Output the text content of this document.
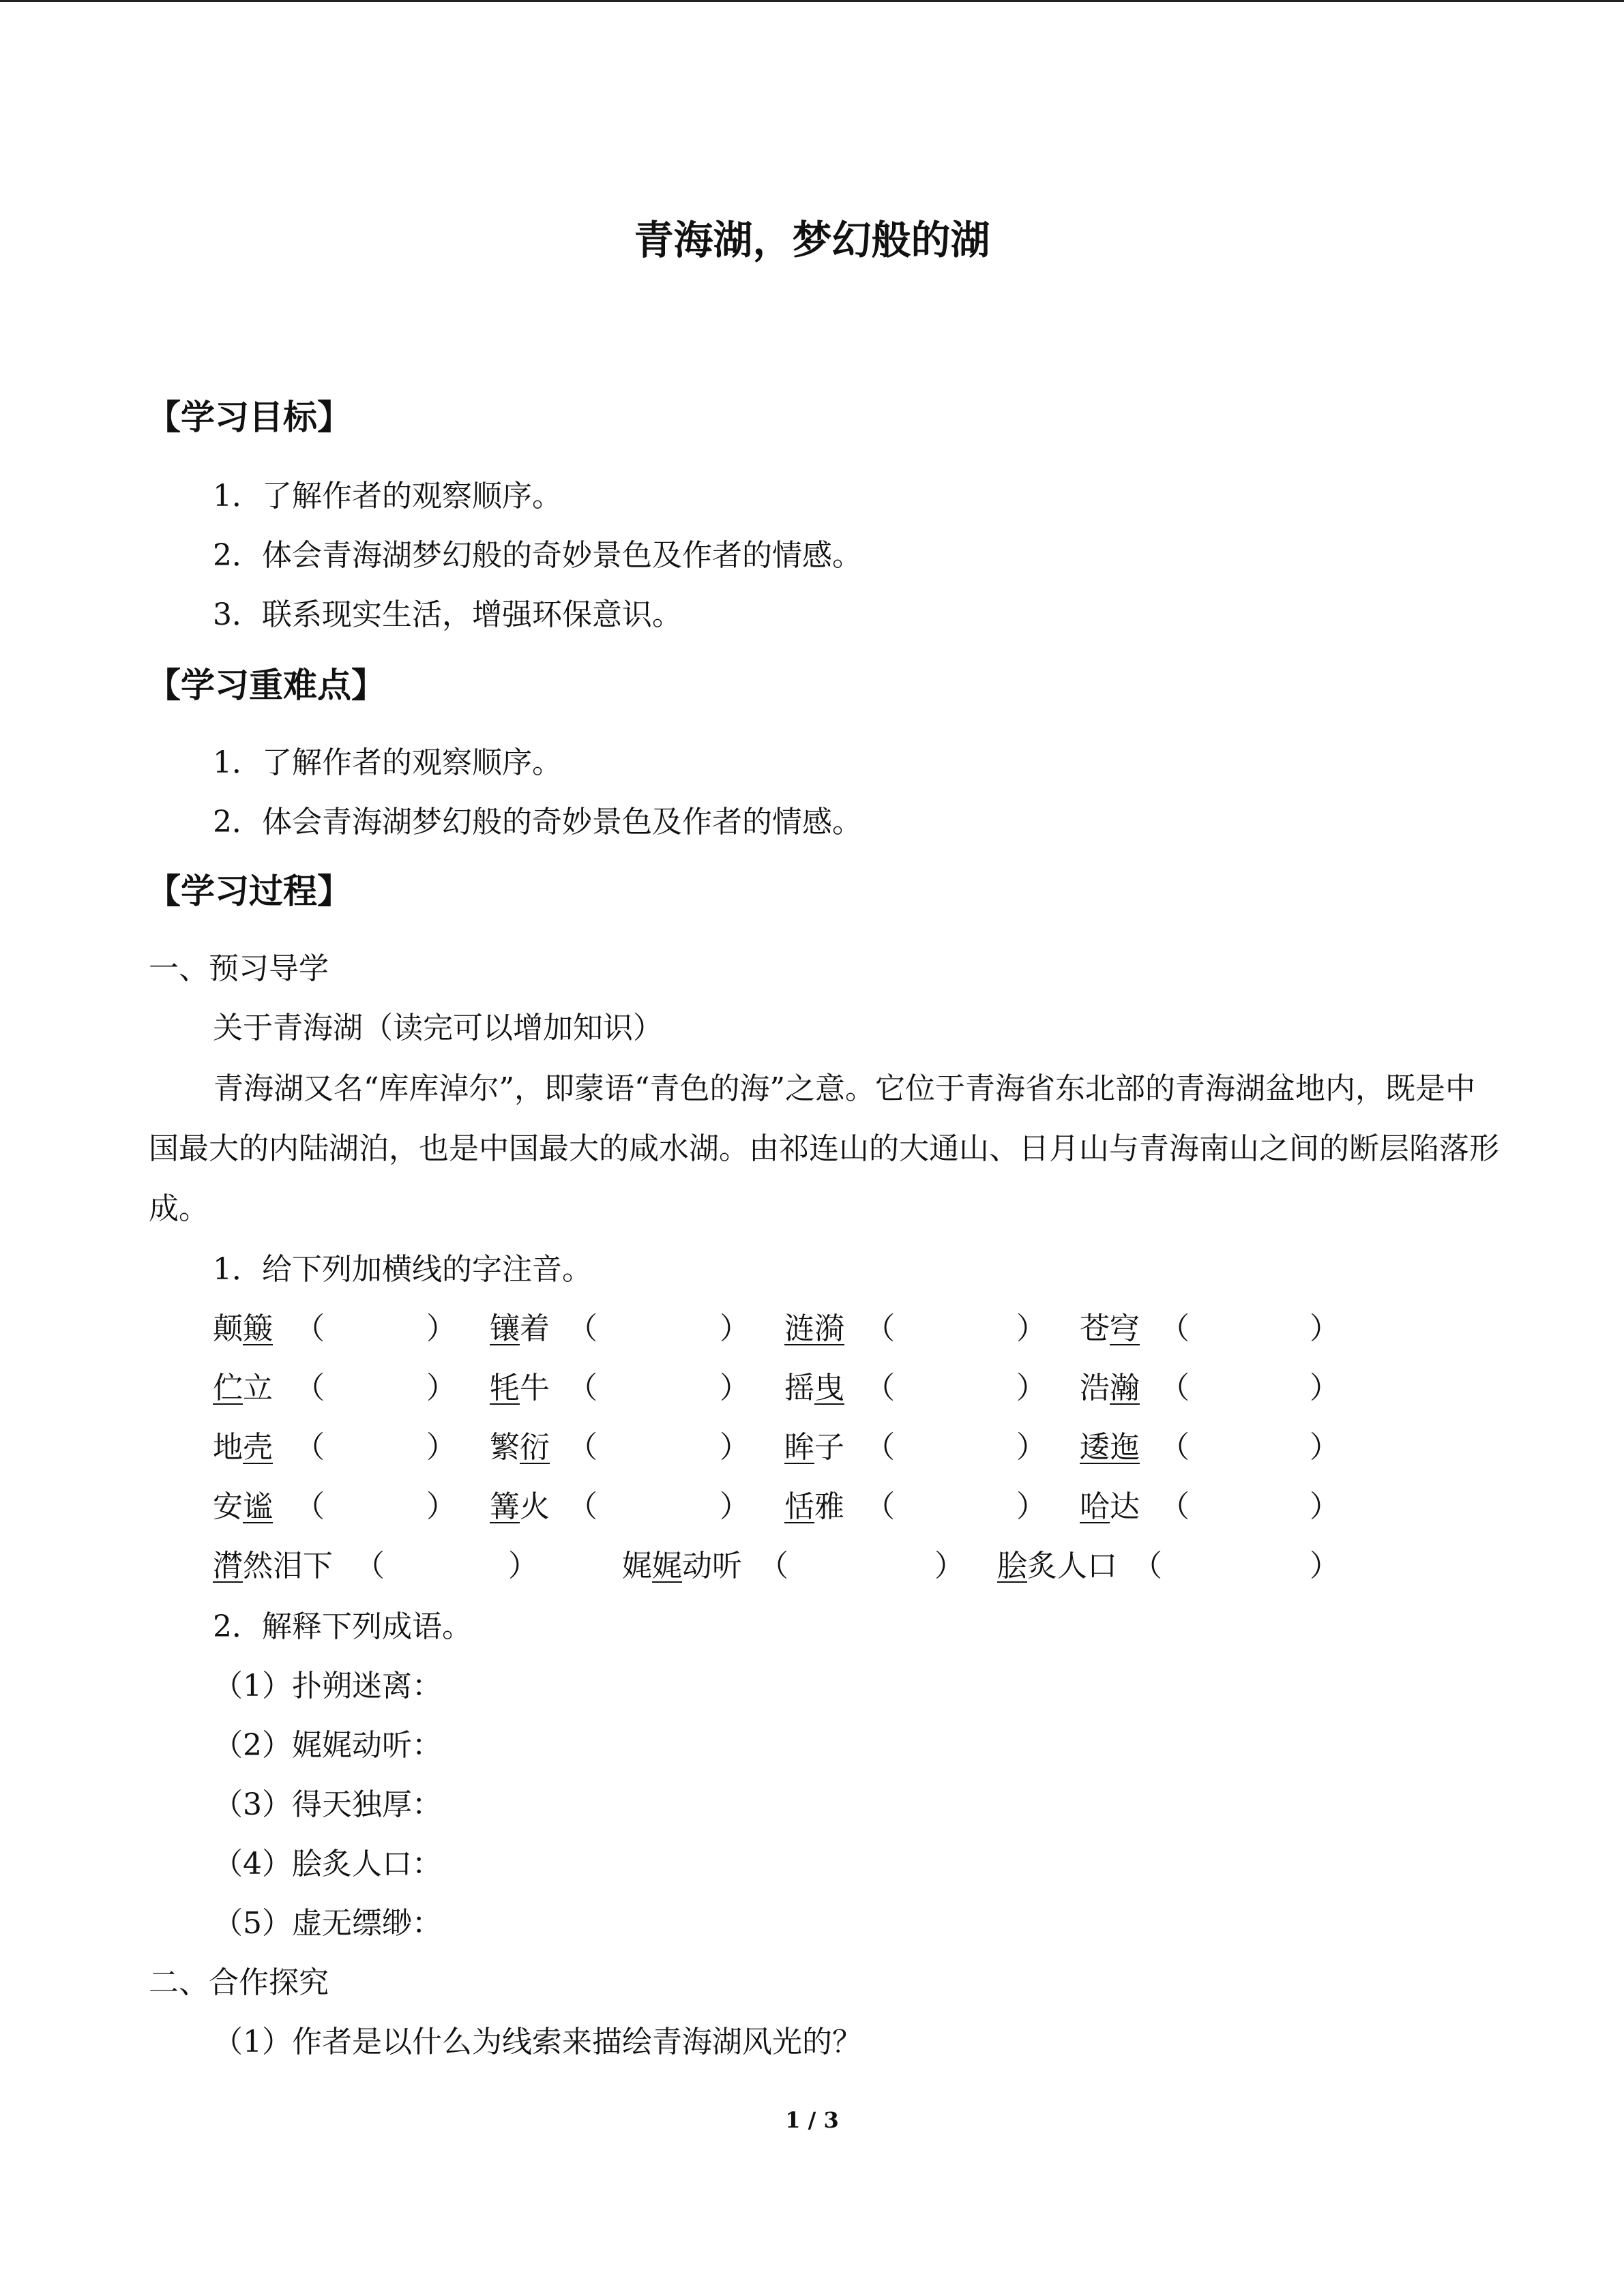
青海湖，梦幻般的湖
【学习目标】
1．了解作者的观察顺序。
2．体会青海湖梦幻般的奇妙景色及作者的情感。
3．联系现实生活，增强环保意识。
【学习重难点】
1．了解作者的观察顺序。
2．体会青海湖梦幻般的奇妙景色及作者的情感。
【学习过程】
一、预习导学
关于青海湖（读完可以增加知识）
青海湖又名“库库淖尔”，即蒙语“青色的海”之意。它位于青海省东北部的青海湖盆地内，既是中国最大的内陆湖泊，也是中国最大的咸水湖。由祁连山的大通山、日月山与青海南山之间的断层陷落形成。
1．给下列加横线的字注音。
颠簸 （	） 镶着 （	） 涟漪 （	） 苍穹 （	）
伫立 （	） 牦牛 （	） 摇曳 （	） 浩瀚 （	）
地壳 （	） 繁衍 （	） 眸子 （	） 逶迤 （	）
安谧 （	） 篝火 （	） 恬雅 （	） 哈达 （	）
潸然泪下 （	）	娓娓动听 （	） 脍炙人口 （	）
2．解释下列成语。
（1）扑朔迷离：
（2）娓娓动听：
（3）得天独厚：
（4）脍炙人口：
（5）虚无缥缈：
二、合作探究
（1）作者是以什么为线索来描绘青海湖风光的？
1 / 3
